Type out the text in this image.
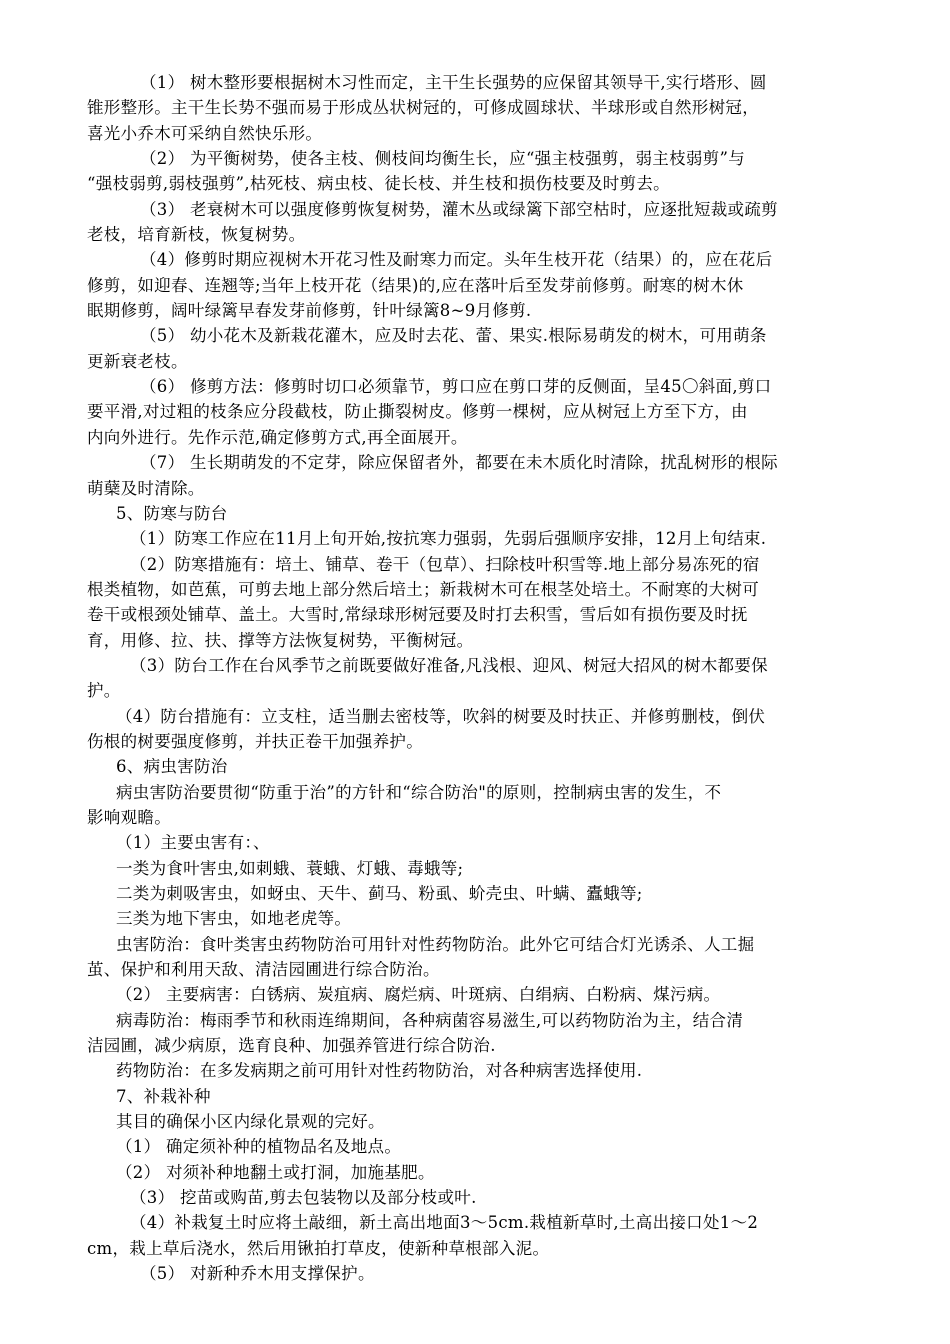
（1） 树木整形要根据树木习性而定，主干生长强势的应保留其领导干,实行塔形、圆
锥形整形。主干生长势不强而易于形成丛状树冠的，可修成圆球状、半球形或自然形树冠，
喜光小乔木可采纳自然快乐形。
（2） 为平衡树势，使各主枝、侧枝间均衡生长，应“强主枝强剪，弱主枝弱剪”与
“强枝弱剪,弱枝强剪”,枯死枝、病虫枝、徒长枝、并生枝和损伤枝要及时剪去。
（3） 老衰树木可以强度修剪恢复树势，灌木丛或绿篱下部空枯时，应逐批短裁或疏剪
老枝，培育新枝，恢复树势。
（4）修剪时期应视树木开花习性及耐寒力而定。头年生枝开花（结果）的，应在花后
修剪，如迎春、连翘等;当年上枝开花（结果)的,应在落叶后至发芽前修剪。耐寒的树木休
眠期修剪，阔叶绿篱早春发芽前修剪，针叶绿篱8~9月修剪.
（5） 幼小花木及新栽花灌木，应及时去花、蕾、果实.根际易萌发的树木，可用萌条
更新衰老枝。
（6） 修剪方法：修剪时切口必须靠节，剪口应在剪口芽的反侧面，呈45〇斜面,剪口
要平滑,对过粗的枝条应分段截枝，防止撕裂树皮。修剪一棵树，应从树冠上方至下方，由
内向外进行。先作示范,确定修剪方式,再全面展开。
（7） 生长期萌发的不定芽，除应保留者外，都要在未木质化时清除，扰乱树形的根际
萌蘖及时清除。
5、防寒与防台
（1）防寒工作应在11月上旬开始,按抗寒力强弱，先弱后强顺序安排，12月上旬结束.
（2）防寒措施有：培土、铺草、卷干（包草）、扫除枝叶积雪等.地上部分易冻死的宿
根类植物，如芭蕉，可剪去地上部分然后培土；新栽树木可在根茎处培土。不耐寒的大树可
卷干或根颈处铺草、盖土。大雪时,常绿球形树冠要及时打去积雪，雪后如有损伤要及时抚
育，用修、拉、扶、撑等方法恢复树势，平衡树冠。
（3）防台工作在台风季节之前既要做好准备,凡浅根、迎风、树冠大招风的树木都要保
护。
（4）防台措施有：立支柱，适当删去密枝等，吹斜的树要及时扶正、并修剪删枝，倒伏
伤根的树要强度修剪，并扶正卷干加强养护。
6、病虫害防治
病虫害防治要贯彻“防重于治”的方针和“综合防治"的原则，控制病虫害的发生，不
影响观瞻。
（1）主要虫害有：、
一类为食叶害虫,如刺蛾、蓑蛾、灯蛾、毒蛾等;
二类为刺吸害虫，如蚜虫、天牛、蓟马、粉虱、蚧壳虫、叶螨、蠹蛾等;
三类为地下害虫，如地老虎等。
虫害防治：食叶类害虫药物防治可用针对性药物防治。此外它可结合灯光诱杀、人工掘
茧、保护和利用天敌、清洁园圃进行综合防治。
（2） 主要病害：白锈病、炭疽病、腐烂病、叶斑病、白绢病、白粉病、煤污病。
病毒防治：梅雨季节和秋雨连绵期间，各种病菌容易滋生,可以药物防治为主，结合清
洁园圃，减少病原，选育良种、加强养管进行综合防治.
药物防治：在多发病期之前可用针对性药物防治，对各种病害选择使用.
7、补栽补种
其目的确保小区内绿化景观的完好。
（1） 确定须补种的植物品名及地点。
（2） 对须补种地翻土或打洞，加施基肥。
（3） 挖苗或购苗,剪去包装物以及部分枝或叶.
（4）补栽复土时应将土敲细，新土高出地面3～5cm.栽植新草时,土高出接口处1～2
cm，栽上草后浇水，然后用锹拍打草皮，使新种草根部入泥。
（5） 对新种乔木用支撑保护。
